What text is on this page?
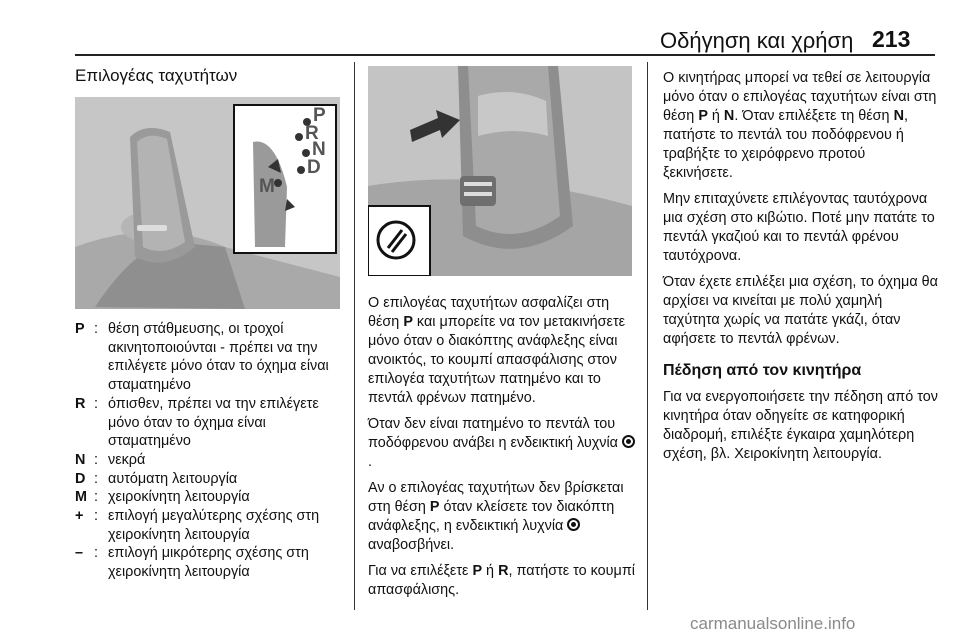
Οδήγηση και χρήση 213
Επιλογέας ταχυτήτων
P
R
N
D
M
P : θέση στάθμευσης, οι τροχοί ακινητοποιούνται - πρέπει να την επιλέγετε μόνο όταν το όχημα είναι σταματημένο
R : όπισθεν, πρέπει να την επιλέγετε μόνο όταν το όχημα είναι σταματημένο
N : νεκρά
D : αυτόματη λειτουργία
M : χειροκίνητη λειτουργία
+ : επιλογή μεγαλύτερης σχέσης στη χειροκίνητη λειτουργία
– : επιλογή μικρότερης σχέσης στη χειροκίνητη λειτουργία

Ο επιλογέας ταχυτήτων ασφαλίζει στη θέση P και μπορείτε να τον μετακινήσετε μόνο όταν ο διακόπτης ανάφλεξης είναι ανοικτός, το κουμπί απασφάλισης στον επιλογέα ταχυτήτων πατημένο και το πεντάλ φρένων πατημένο.

Όταν δεν είναι πατημένο το πεντάλ του ποδόφρενου ανάβει η ενδεικτική λυχνία .

Αν ο επιλογέας ταχυτήτων δεν βρίσκεται στη θέση P όταν κλείσετε τον διακόπτη ανάφλεξης, η ενδεικτική λυχνία  αναβοσβήνει.

Για να επιλέξετε P ή R, πατήστε το κουμπί απασφάλισης.

Ο κινητήρας μπορεί να τεθεί σε λειτουργία μόνο όταν ο επιλογέας ταχυτήτων είναι στη θέση P ή N. Όταν επιλέξετε τη θέση N, πατήστε το πεντάλ του ποδόφρενου ή τραβήξτε το χειρόφρενο προτού ξεκινήσετε.

Μην επιταχύνετε επιλέγοντας ταυτόχρονα μια σχέση στο κιβώτιο. Ποτέ μην πατάτε το πεντάλ γκαζιού και το πεντάλ φρένου ταυτόχρονα.

Όταν έχετε επιλέξει μια σχέση, το όχημα θα αρχίσει να κινείται με πολύ χαμηλή ταχύτητα χωρίς να πατάτε γκάζι, όταν αφήσετε το πεντάλ φρένων.

Πέδηση από τον κινητήρα

Για να ενεργοποιήσετε την πέδηση από τον κινητήρα όταν οδηγείτε σε κατηφορική διαδρομή, επιλέξτε έγκαιρα χαμηλότερη σχέση, βλ. Χειροκίνητη λειτουργία.

carmanualsonline.info
